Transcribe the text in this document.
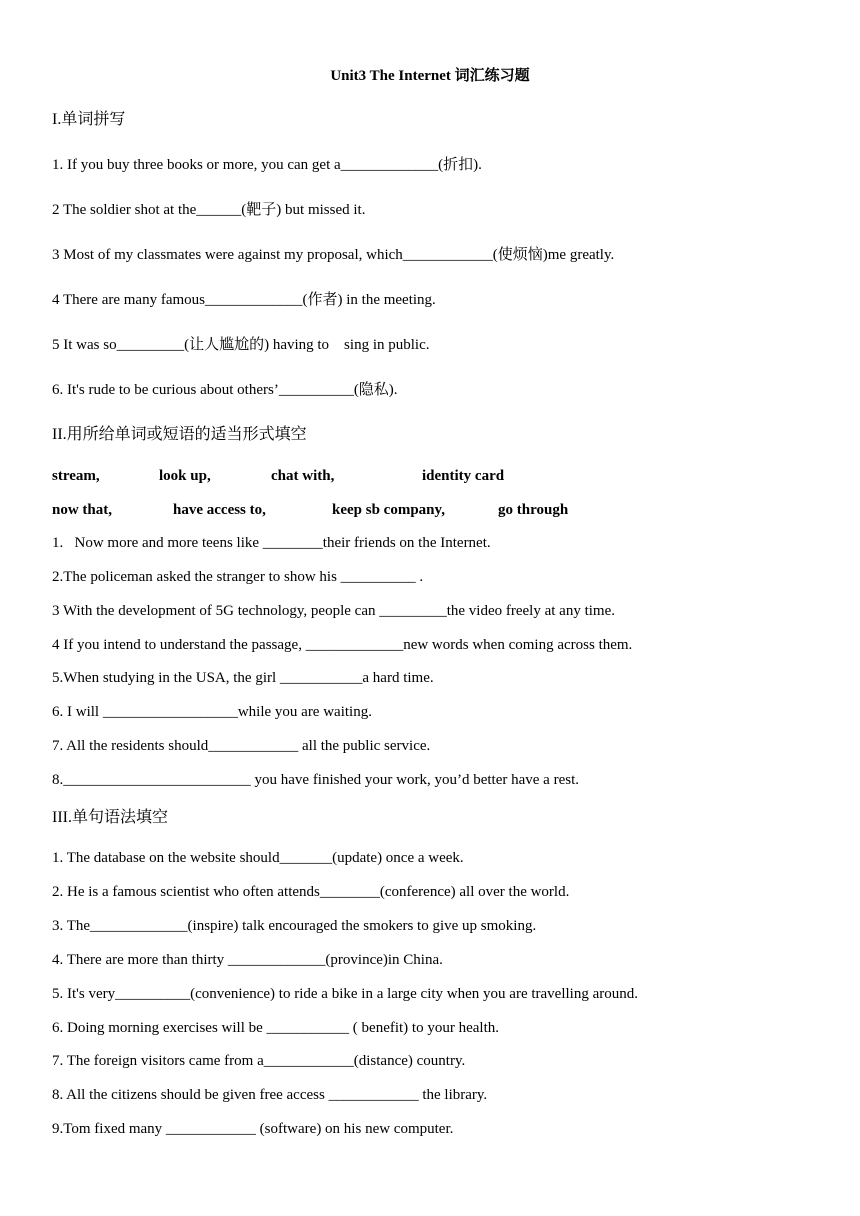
Unit3 The Internet 词汇练习题
I.单词拼写
1. If you buy three books or more, you can get a_____________(折扣).
2 The soldier shot at the______(靶子) but missed it.
3 Most of my classmates were against my proposal, which____________(使烦恼)me greatly.
4 There are many famous_____________(作者) in the meeting.
5 It was so_________(让人尴尬的) having to    sing in public.
6. It's rude to be curious about others’__________(隐私).
II.用所给单词或短语的适当形式填空
stream,	look up,	chat with,	identity card
now that,	have access to,	keep sb company,	go through
1.   Now more and more teens like ________their friends on the Internet.
2.The policeman asked the stranger to show his __________ .
3 With the development of 5G technology, people can _________the video freely at any time.
4 If you intend to understand the passage, _____________new words when coming across them.
5.When studying in the USA, the girl ___________a hard time.
6. I will __________________while you are waiting.
7. All the residents should____________ all the public service.
8._________________________ you have finished your work, you’d better have a rest.
III.单句语法填空
1. The database on the website should_______(update) once a week.
2. He is a famous scientist who often attends________(conference) all over the world.
3. The_____________(inspire) talk encouraged the smokers to give up smoking.
4. There are more than thirty _____________(province)in China.
5. It's very__________(convenience) to ride a bike in a large city when you are travelling around.
6. Doing morning exercises will be ___________ ( benefit) to your health.
7. The foreign visitors came from a____________(distance) country.
8. All the citizens should be given free access ____________ the library.
9.Tom fixed many ____________ (software) on his new computer.
